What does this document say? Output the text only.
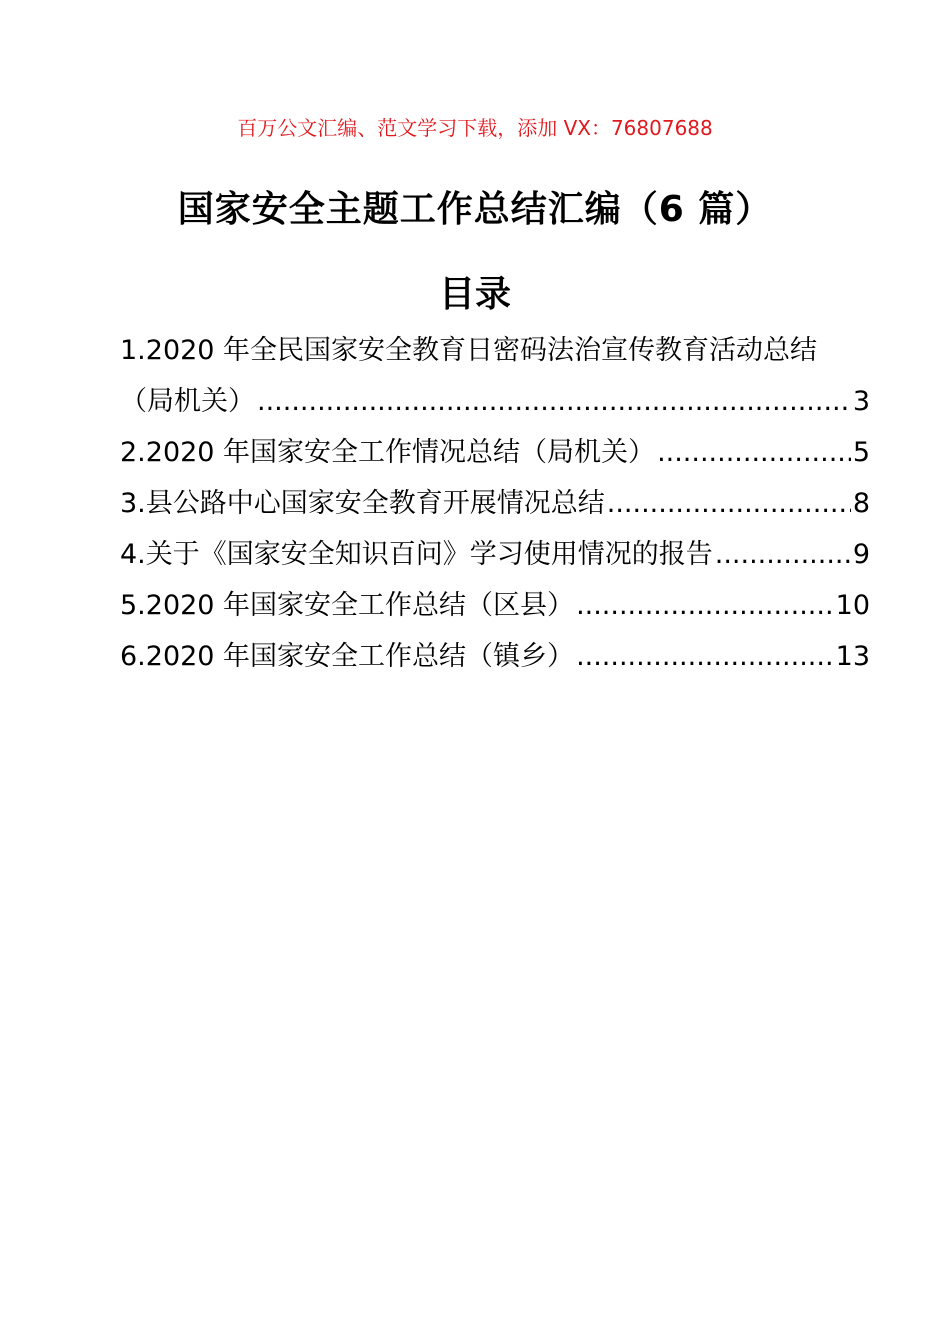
百万公文汇编、范文学习下载，添加 VX：76807688
国家安全主题工作总结汇编（6 篇）
目录
1.2020 年全民国家安全教育日密码法治宣传教育活动总结
（局机关） .....	3
2.2020 年国家安全工作情况总结（局机关） .....	5
3.县公路中心国家安全教育开展情况总结 .....	8
4.关于《国家安全知识百问》学习使用情况的报告 .....	9
5.2020 年国家安全工作总结（区县） .....	10
6.2020 年国家安全工作总结（镇乡） .....	13
